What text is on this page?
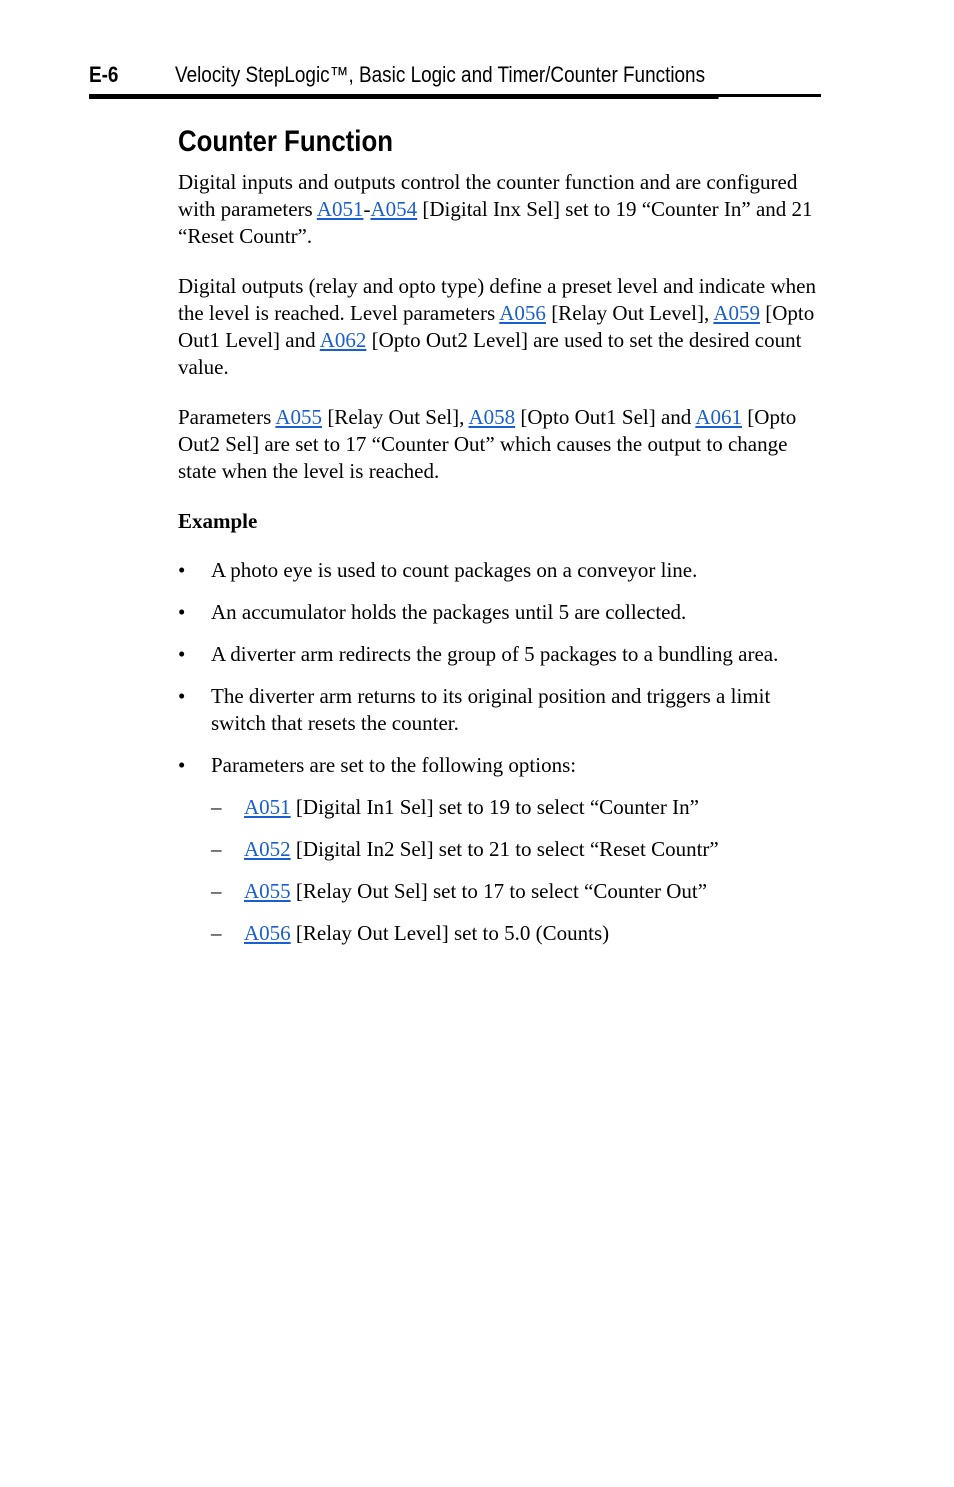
E-6	Velocity StepLogic™, Basic Logic and Timer/Counter Functions
Counter Function

Digital inputs and outputs control the counter function and are configured with parameters A051-A054 [Digital Inx Sel] set to 19 “Counter In” and 21 “Reset Countr”.

Digital outputs (relay and opto type) define a preset level and indicate when the level is reached. Level parameters A056 [Relay Out Level], A059 [Opto Out1 Level] and A062 [Opto Out2 Level] are used to set the desired count value.

Parameters A055 [Relay Out Sel], A058 [Opto Out1 Sel] and A061 [Opto Out2 Sel] are set to 17 “Counter Out” which causes the output to change state when the level is reached.

Example
• A photo eye is used to count packages on a conveyor line.
• An accumulator holds the packages until 5 are collected.
• A diverter arm redirects the group of 5 packages to a bundling area.
• The diverter arm returns to its original position and triggers a limit switch that resets the counter.
• Parameters are set to the following options:
– A051 [Digital In1 Sel] set to 19 to select “Counter In”
– A052 [Digital In2 Sel] set to 21 to select “Reset Countr”
– A055 [Relay Out Sel] set to 17 to select “Counter Out”
– A056 [Relay Out Level] set to 5.0 (Counts)
